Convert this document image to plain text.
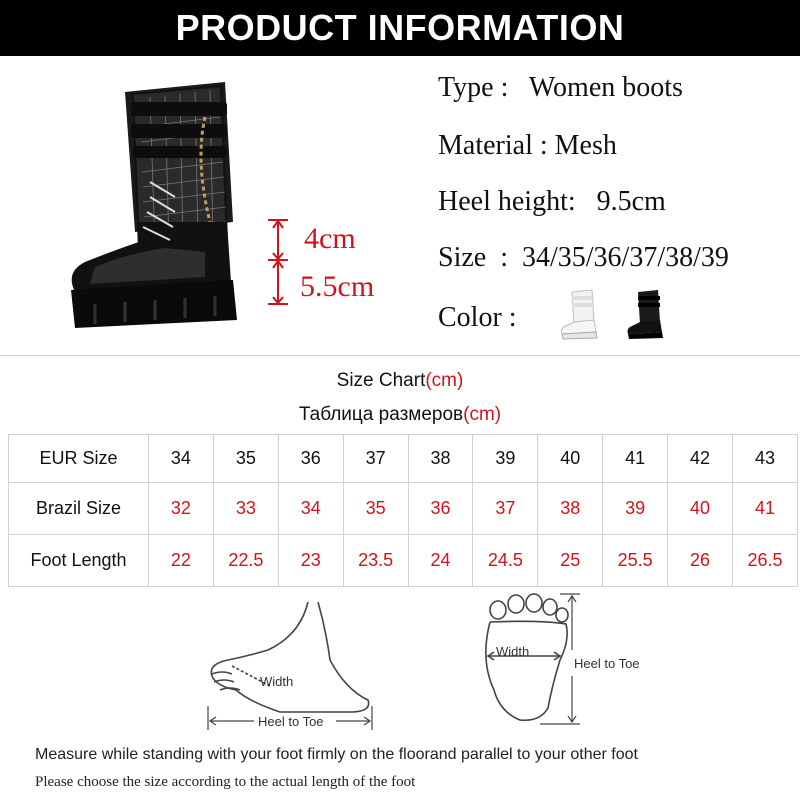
PRODUCT INFORMATION
4cm
5.5cm
Type :   Women boots
Material : Mesh
Heel height:   9.5cm
Size  :  34/35/36/37/38/39
Color :
Size Chart(cm)
Таблица размеров(cm)
EUR Size	34	35	36	37	38	39	40	41	42	43
Brazil Size	32	33	34	35	36	37	38	39	40	41
Foot Length	22	22.5	23	23.5	24	24.5	25	25.5	26	26.5
Width
Heel to Toe
Width
Heel to Toe
Measure while standing with your foot firmly on the floorand parallel to your other foot
Please choose the size according to the actual length of the foot
